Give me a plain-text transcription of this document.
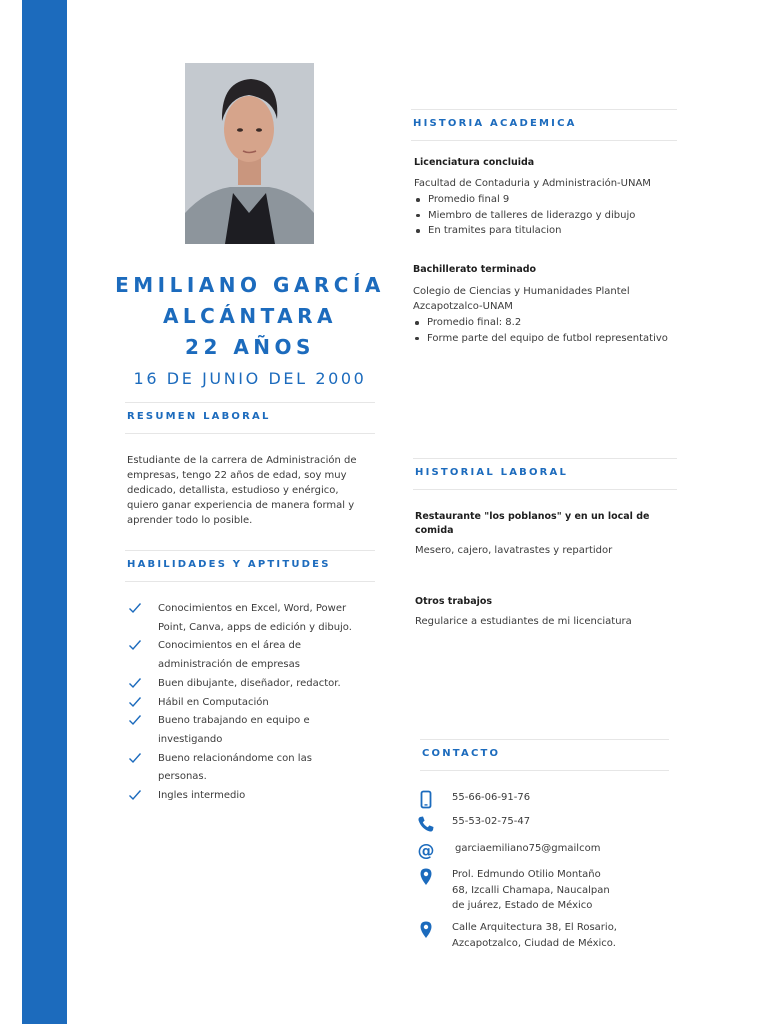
EMILIANO GARCÍA
ALCÁNTARA
22 AÑOS
16 DE JUNIO DEL 2000
RESUMEN LABORAL
Estudiante de la carrera de Administración de
empresas, tengo 22 años de edad, soy muy
dedicado, detallista, estudioso y enérgico,
quiero ganar experiencia de manera formal y
aprender todo lo posible.
HABILIDADES Y APTITUDES
Conocimientos en Excel, Word, Power
Point, Canva, apps de edición y dibujo.
Conocimientos en el área de
administración de empresas
Buen dibujante, diseñador, redactor.
Hábil en Computación
Bueno trabajando en equipo e
investigando
Bueno relacionándome con las
personas.
Ingles intermedio
HISTORIA ACADEMICA
Licenciatura concluida
Facultad de Contaduria y Administración-UNAM
Promedio final 9
Miembro de talleres de liderazgo y dibujo
En tramites para titulacion
Bachillerato terminado
Colegio de Ciencias y Humanidades Plantel
Azcapotzalco-UNAM
Promedio final: 8.2
Forme parte del equipo de futbol representativo
HISTORIAL LABORAL
Restaurante "los poblanos" y en un local de
comida
Mesero, cajero, lavatrastes y repartidor
Otros trabajos
Regularice a estudiantes de mi licenciatura
CONTACTO
55-66-06-91-76
55-53-02-75-47
@ garciaemiliano75@gmailcom
Prol. Edmundo Otilio Montaño
68, Izcalli Chamapa, Naucalpan
de juárez, Estado de México
Calle Arquitectura 38, El Rosario,
Azcapotzalco, Ciudad de México.
